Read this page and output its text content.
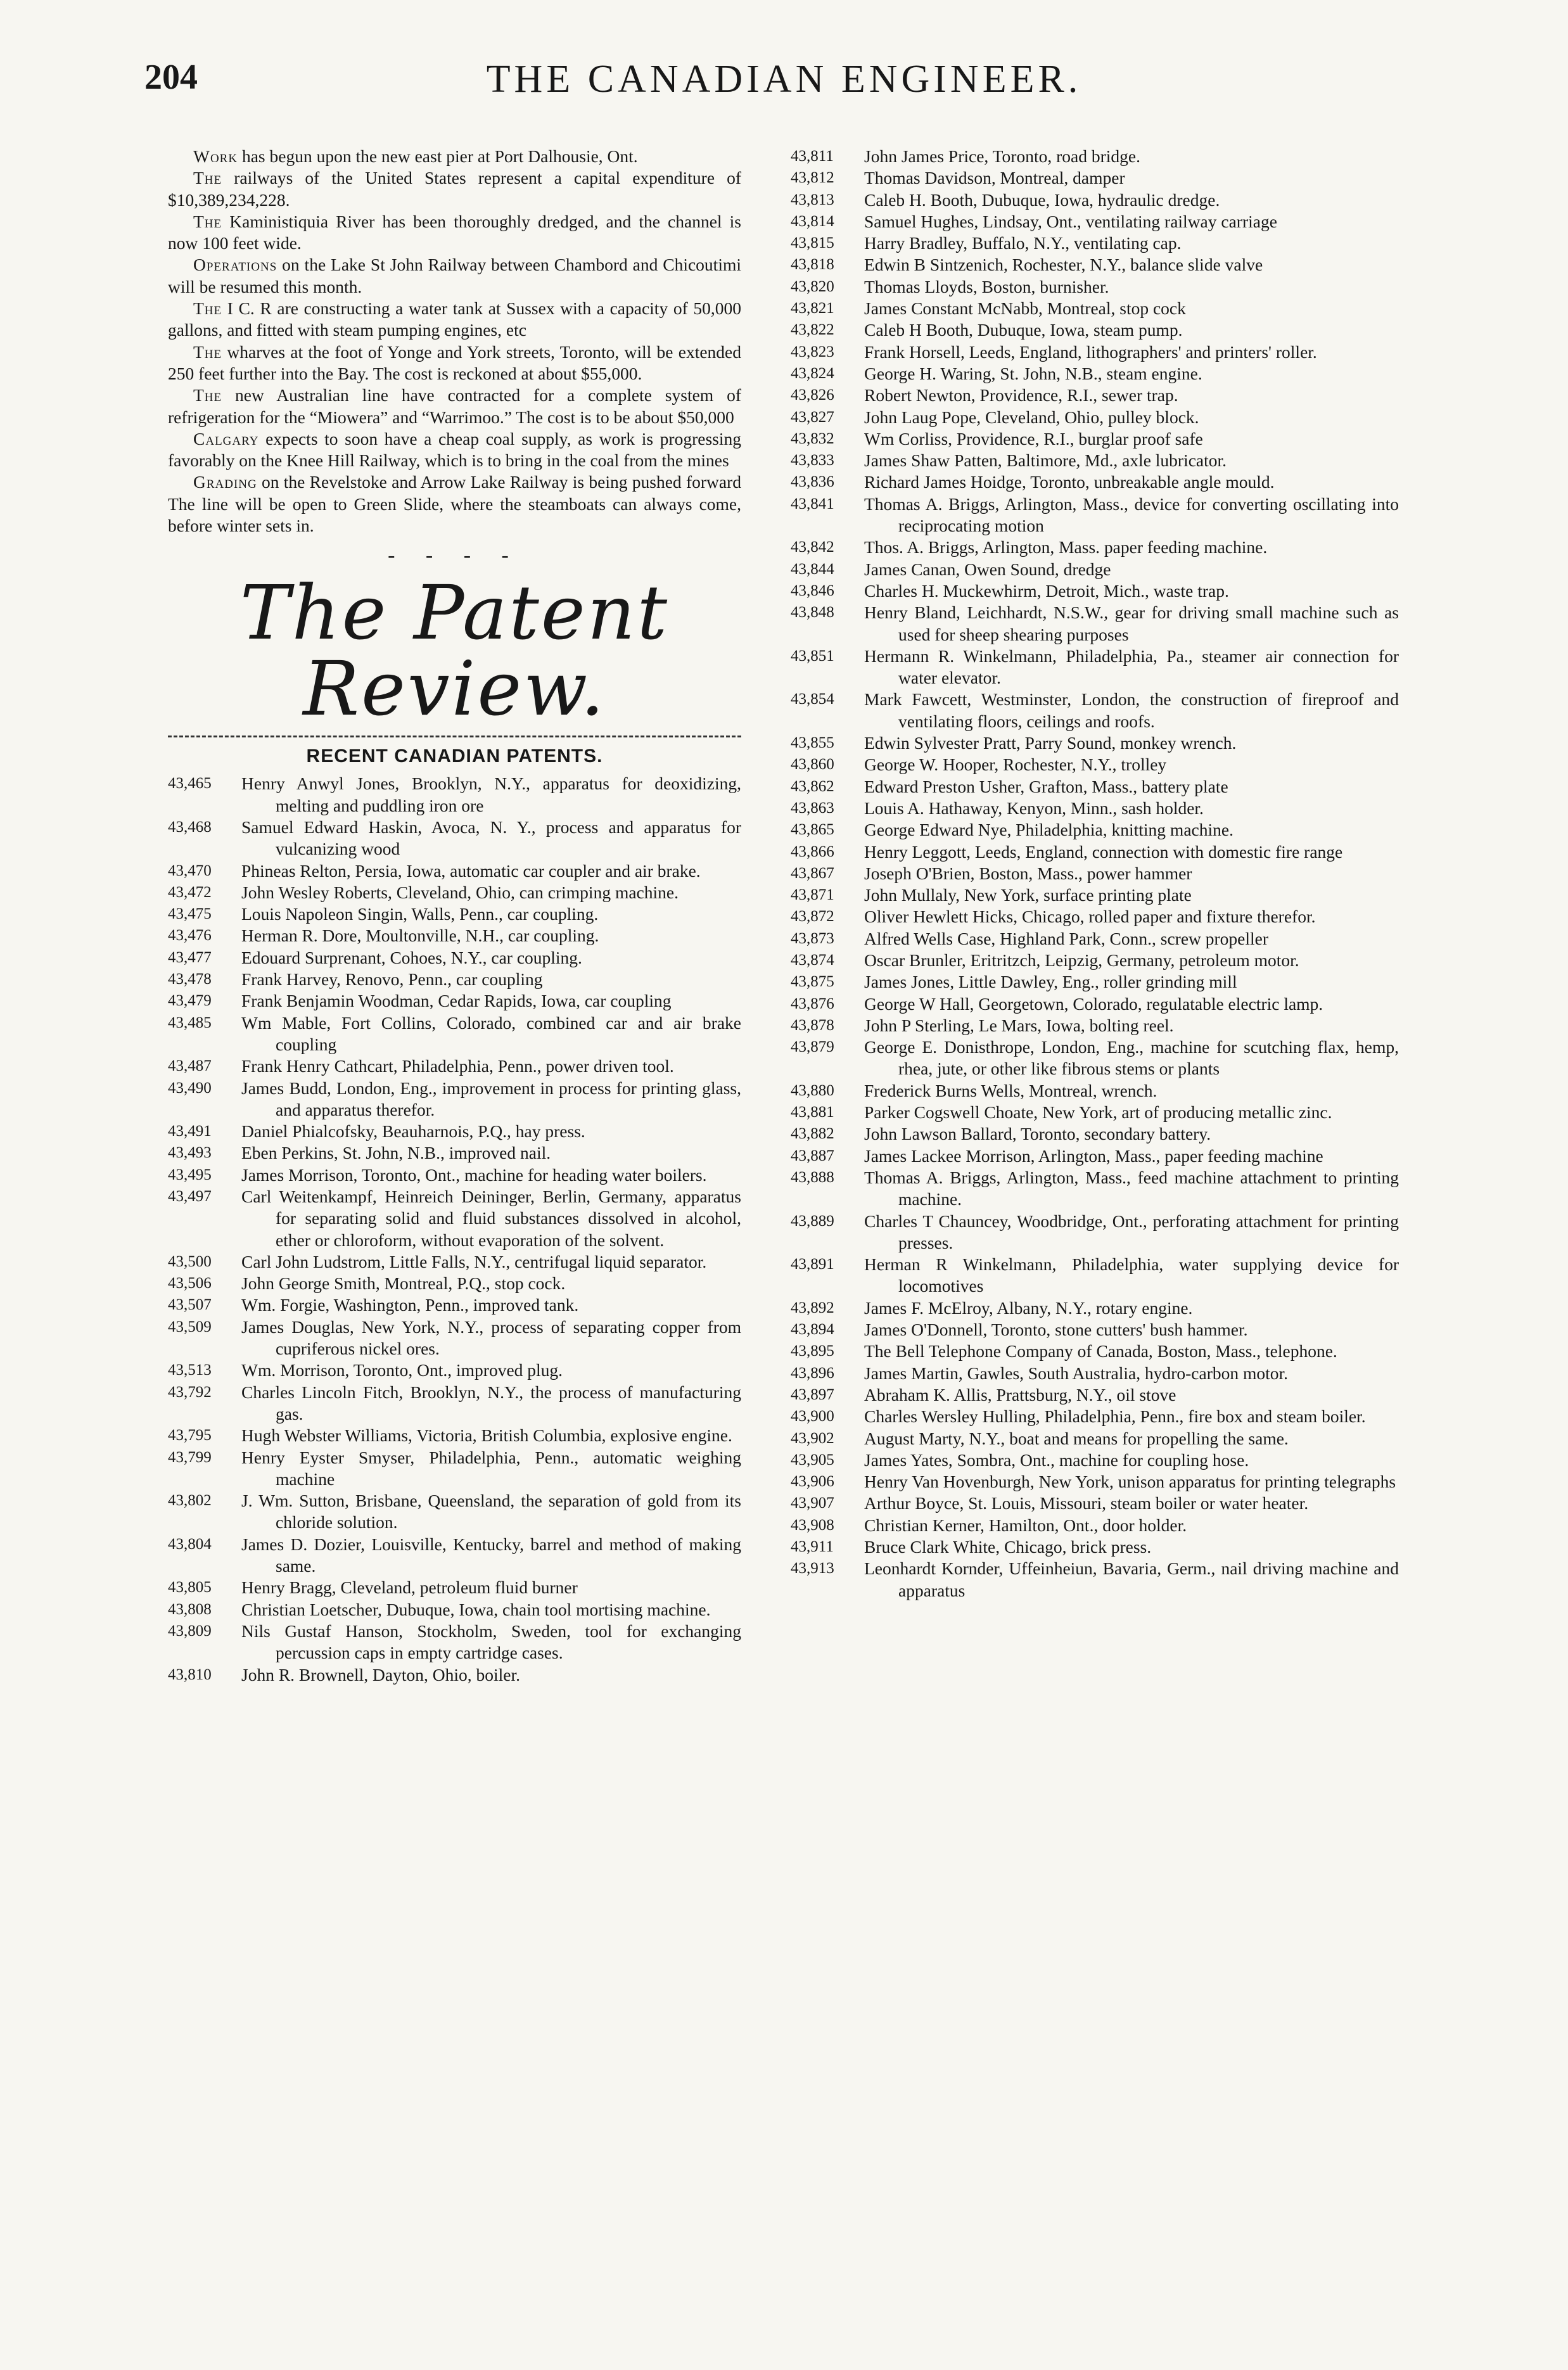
204	THE CANADIAN ENGINEER.

Work has begun upon the new east pier at Port Dalhousie, Ont.

The railways of the United States represent a capital expenditure of $10,389,234,228.

The Kaministiquia River has been thoroughly dredged, and the channel is now 100 feet wide.

Operations on the Lake St John Railway between Chambord and Chicoutimi will be resumed this month.

The I C. R are constructing a water tank at Sussex with a capacity of 50,000 gallons, and fitted with steam pumping engines, etc

The wharves at the foot of Yonge and York streets, Toronto, will be extended 250 feet further into the Bay. The cost is reckoned at about $55,000.

The new Australian line have contracted for a complete system of refrigeration for the “Miowera” and “Warrimoo.” The cost is to be about $50,000

Calgary expects to soon have a cheap coal supply, as work is progressing favorably on the Knee Hill Railway, which is to bring in the coal from the mines

Grading on the Revelstoke and Arrow Lake Railway is being pushed forward The line will be open to Green Slide, where the steamboats can always come, before winter sets in.

- - - -
The Patent Review.
RECENT CANADIAN PATENTS.
43,465	Henry Anwyl Jones, Brooklyn, N.Y., apparatus for deoxidizing, melting and puddling iron ore
43,468	Samuel Edward Haskin, Avoca, N. Y., process and apparatus for vulcanizing wood
43,470	Phineas Relton, Persia, Iowa, automatic car coupler and air brake.
43,472	John Wesley Roberts, Cleveland, Ohio, can crimping machine.
43,475	Louis Napoleon Singin, Walls, Penn., car coupling.
43,476	Herman R. Dore, Moultonville, N.H., car coupling.
43,477	Edouard Surprenant, Cohoes, N.Y., car coupling.
43,478	Frank Harvey, Renovo, Penn., car coupling
43,479	Frank Benjamin Woodman, Cedar Rapids, Iowa, car coupling
43,485	Wm Mable, Fort Collins, Colorado, combined car and air brake coupling
43,487	Frank Henry Cathcart, Philadelphia, Penn., power driven tool.
43,490	James Budd, London, Eng., improvement in process for printing glass, and apparatus therefor.
43,491	Daniel Phialcofsky, Beauharnois, P.Q., hay press.
43,493	Eben Perkins, St. John, N.B., improved nail.
43,495	James Morrison, Toronto, Ont., machine for heading water boilers.
43,497	Carl Weitenkampf, Heinreich Deininger, Berlin, Germany, apparatus for separating solid and fluid substances dissolved in alcohol, ether or chloroform, without evaporation of the solvent.
43,500	Carl John Ludstrom, Little Falls, N.Y., centrifugal liquid separator.
43,506	John George Smith, Montreal, P.Q., stop cock.
43,507	Wm. Forgie, Washington, Penn., improved tank.
43,509	James Douglas, New York, N.Y., process of separating copper from cupriferous nickel ores.
43,513	Wm. Morrison, Toronto, Ont., improved plug.
43,792	Charles Lincoln Fitch, Brooklyn, N.Y., the process of manufacturing gas.
43,795	Hugh Webster Williams, Victoria, British Columbia, explosive engine.
43,799	Henry Eyster Smyser, Philadelphia, Penn., automatic weighing machine
43,802	J. Wm. Sutton, Brisbane, Queensland, the separation of gold from its chloride solution.
43,804	James D. Dozier, Louisville, Kentucky, barrel and method of making same.
43,805	Henry Bragg, Cleveland, petroleum fluid burner
43,808	Christian Loetscher, Dubuque, Iowa, chain tool mortising machine.
43,809	Nils Gustaf Hanson, Stockholm, Sweden, tool for exchanging percussion caps in empty cartridge cases.
43,810	John R. Brownell, Dayton, Ohio, boiler.
43,811	John James Price, Toronto, road bridge.
43,812	Thomas Davidson, Montreal, damper
43,813	Caleb H. Booth, Dubuque, Iowa, hydraulic dredge.
43,814	Samuel Hughes, Lindsay, Ont., ventilating railway carriage
43,815	Harry Bradley, Buffalo, N.Y., ventilating cap.
43,818	Edwin B Sintzenich, Rochester, N.Y., balance slide valve
43,820	Thomas Lloyds, Boston, burnisher.
43,821	James Constant McNabb, Montreal, stop cock
43,822	Caleb H Booth, Dubuque, Iowa, steam pump.
43,823	Frank Horsell, Leeds, England, lithographers' and printers' roller.
43,824	George H. Waring, St. John, N.B., steam engine.
43,826	Robert Newton, Providence, R.I., sewer trap.
43,827	John Laug Pope, Cleveland, Ohio, pulley block.
43,832	Wm Corliss, Providence, R.I., burglar proof safe
43,833	James Shaw Patten, Baltimore, Md., axle lubricator.
43,836	Richard James Hoidge, Toronto, unbreakable angle mould.
43,841	Thomas A. Briggs, Arlington, Mass., device for converting oscillating into reciprocating motion
43,842	Thos. A. Briggs, Arlington, Mass. paper feeding machine.
43,844	James Canan, Owen Sound, dredge
43,846	Charles H. Muckewhirm, Detroit, Mich., waste trap.
43,848	Henry Bland, Leichhardt, N.S.W., gear for driving small machine such as used for sheep shearing purposes
43,851	Hermann R. Winkelmann, Philadelphia, Pa., steamer air connection for water elevator.
43,854	Mark Fawcett, Westminster, London, the construction of fireproof and ventilating floors, ceilings and roofs.
43,855	Edwin Sylvester Pratt, Parry Sound, monkey wrench.
43,860	George W. Hooper, Rochester, N.Y., trolley
43,862	Edward Preston Usher, Grafton, Mass., battery plate
43,863	Louis A. Hathaway, Kenyon, Minn., sash holder.
43,865	George Edward Nye, Philadelphia, knitting machine.
43,866	Henry Leggott, Leeds, England, connection with domestic fire range
43,867	Joseph O'Brien, Boston, Mass., power hammer
43,871	John Mullaly, New York, surface printing plate
43,872	Oliver Hewlett Hicks, Chicago, rolled paper and fixture therefor.
43,873	Alfred Wells Case, Highland Park, Conn., screw propeller
43,874	Oscar Brunler, Eritritzch, Leipzig, Germany, petroleum motor.
43,875	James Jones, Little Dawley, Eng., roller grinding mill
43,876	George W Hall, Georgetown, Colorado, regulatable electric lamp.
43,878	John P Sterling, Le Mars, Iowa, bolting reel.
43,879	George E. Donisthrope, London, Eng., machine for scutching flax, hemp, rhea, jute, or other like fibrous stems or plants
43,880	Frederick Burns Wells, Montreal, wrench.
43,881	Parker Cogswell Choate, New York, art of producing metallic zinc.
43,882	John Lawson Ballard, Toronto, secondary battery.
43,887	James Lackee Morrison, Arlington, Mass., paper feeding machine
43,888	Thomas A. Briggs, Arlington, Mass., feed machine attachment to printing machine.
43,889	Charles T Chauncey, Woodbridge, Ont., perforating attachment for printing presses.
43,891	Herman R Winkelmann, Philadelphia, water supplying device for locomotives
43,892	James F. McElroy, Albany, N.Y., rotary engine.
43,894	James O'Donnell, Toronto, stone cutters' bush hammer.
43,895	The Bell Telephone Company of Canada, Boston, Mass., telephone.
43,896	James Martin, Gawles, South Australia, hydro-carbon motor.
43,897	Abraham K. Allis, Prattsburg, N.Y., oil stove
43,900	Charles Wersley Hulling, Philadelphia, Penn., fire box and steam boiler.
43,902	August Marty, N.Y., boat and means for propelling the same.
43,905	James Yates, Sombra, Ont., machine for coupling hose.
43,906	Henry Van Hovenburgh, New York, unison apparatus for printing telegraphs
43,907	Arthur Boyce, St. Louis, Missouri, steam boiler or water heater.
43,908	Christian Kerner, Hamilton, Ont., door holder.
43,911	Bruce Clark White, Chicago, brick press.
43,913	Leonhardt Kornder, Uffeinheiun, Bavaria, Germ., nail driving machine and apparatus
